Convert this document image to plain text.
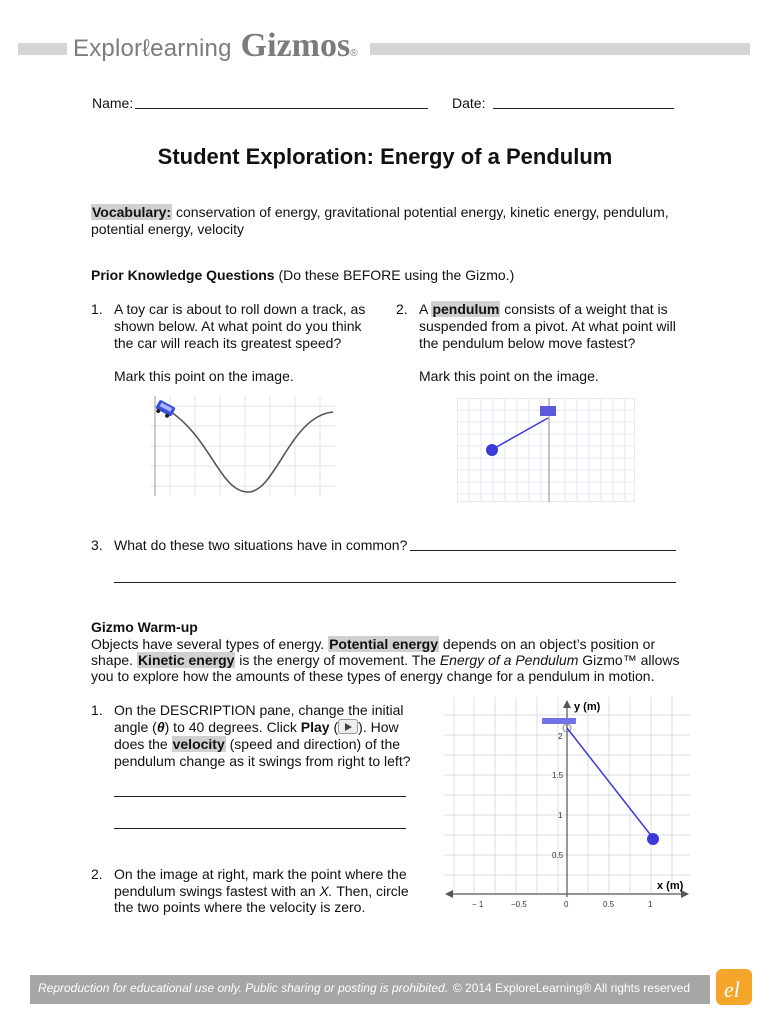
Explorℓearning Gizmos ®
Name:	Date:
Student Exploration: Energy of a Pendulum
Vocabulary: conservation of energy, gravitational potential energy, kinetic energy, pendulum,
potential energy, velocity
Prior Knowledge Questions (Do these BEFORE using the Gizmo.)
1. A toy car is about to roll down a track, as
shown below. At what point do you think
the car will reach its greatest speed?
Mark this point on the image.
2. A pendulum consists of a weight that is
suspended from a pivot. At what point will
the pendulum below move fastest?
Mark this point on the image.
3. What do these two situations have in common?
Gizmo Warm-up
Objects have several types of energy. Potential energy depends on an object’s position or
shape. Kinetic energy is the energy of movement. The Energy of a Pendulum Gizmo™ allows
you to explore how the amounts of these types of energy change for a pendulum in motion.
1. On the DESCRIPTION pane, change the initial
angle (θ) to 40 degrees. Click Play ( ). How
does the velocity (speed and direction) of the
pendulum change as it swings from right to left?
2. On the image at right, mark the point where the
pendulum swings fastest with an X. Then, circle
the two points where the velocity is zero.
y (m)
x (m)
2
1.5
1
0.5
− 1	−0.5	0	0.5	1
Reproduction for educational use only. Public sharing or posting is prohibited. © 2014 ExploreLearning® All rights reserved el
